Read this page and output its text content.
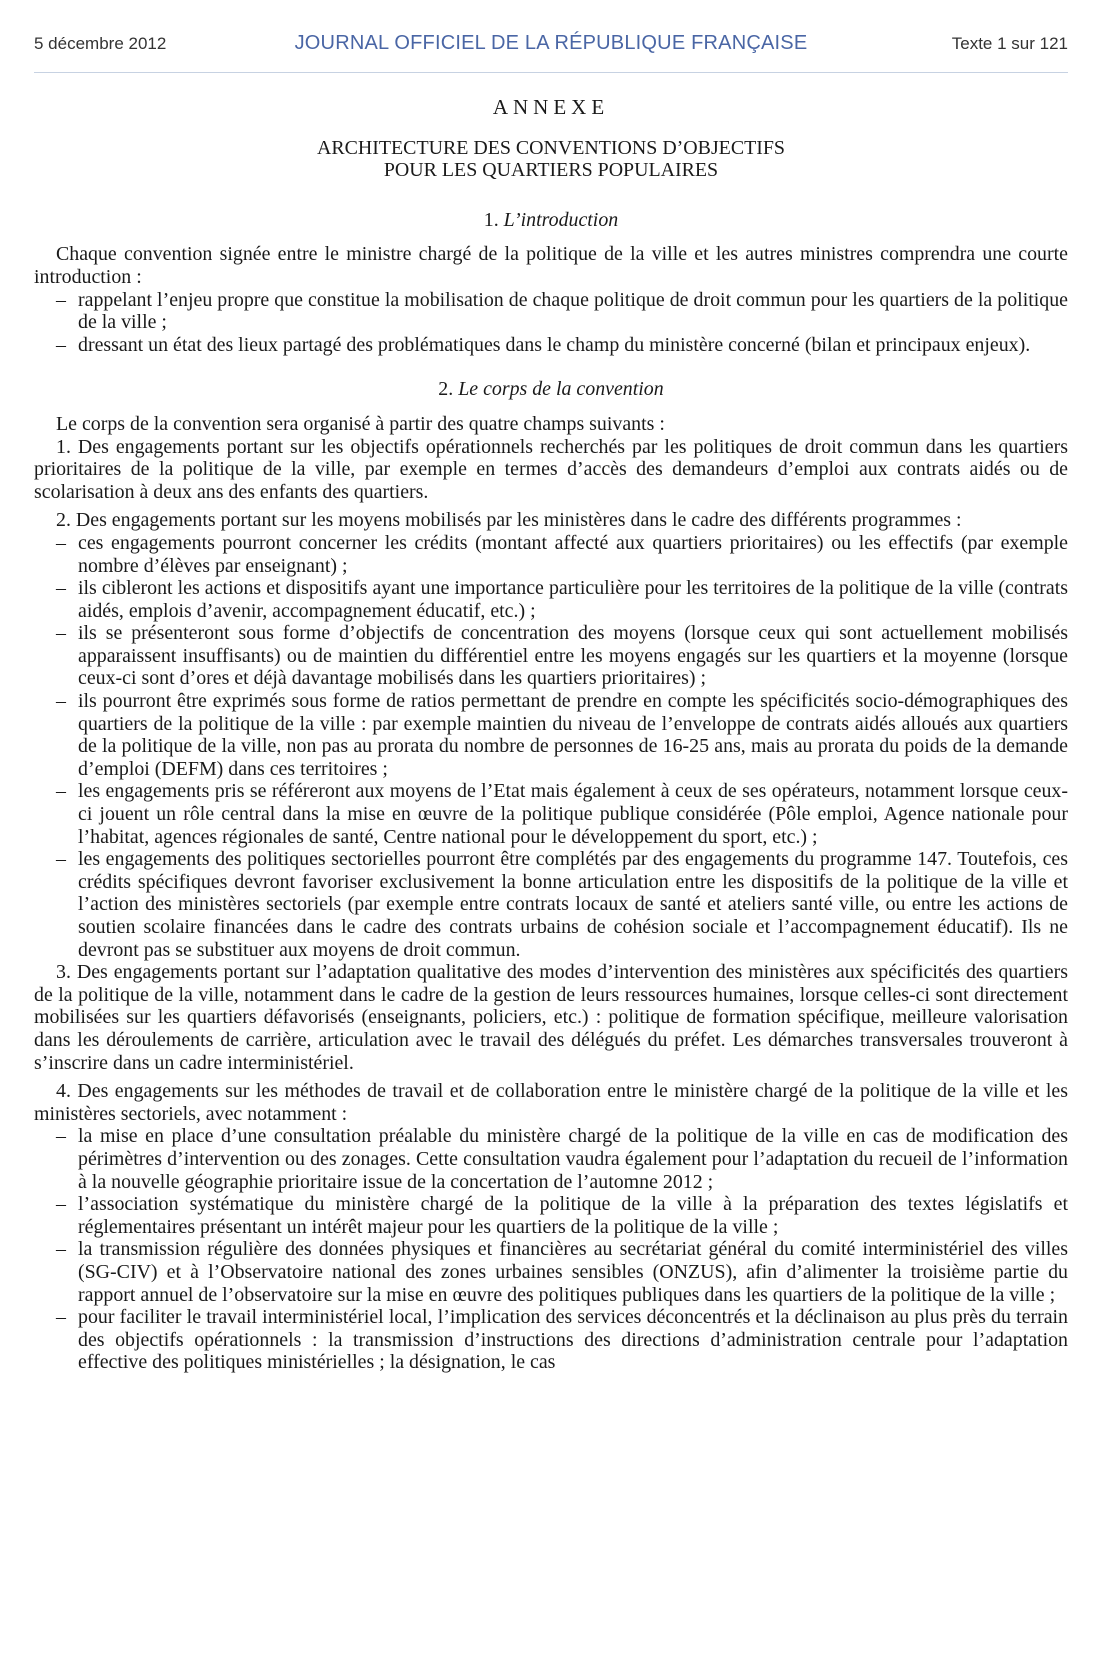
5 décembre 2012	JOURNAL OFFICIEL DE LA RÉPUBLIQUE FRANÇAISE	Texte 1 sur 121
ANNEXE
ARCHITECTURE DES CONVENTIONS D’OBJECTIFS
POUR LES QUARTIERS POPULAIRES
1. L’introduction

Chaque convention signée entre le ministre chargé de la politique de la ville et les autres ministres comprendra une courte introduction :

– rappelant l’enjeu propre que constitue la mobilisation de chaque politique de droit commun pour les quartiers de la politique de la ville ;
– dressant un état des lieux partagé des problématiques dans le champ du ministère concerné (bilan et principaux enjeux).
2. Le corps de la convention

Le corps de la convention sera organisé à partir des quatre champs suivants :

1. Des engagements portant sur les objectifs opérationnels recherchés par les politiques de droit commun dans les quartiers prioritaires de la politique de la ville, par exemple en termes d’accès des demandeurs d’emploi aux contrats aidés ou de scolarisation à deux ans des enfants des quartiers.

2. Des engagements portant sur les moyens mobilisés par les ministères dans le cadre des différents programmes :

– ces engagements pourront concerner les crédits (montant affecté aux quartiers prioritaires) ou les effectifs (par exemple nombre d’élèves par enseignant) ;
– ils cibleront les actions et dispositifs ayant une importance particulière pour les territoires de la politique de la ville (contrats aidés, emplois d’avenir, accompagnement éducatif, etc.) ;
– ils se présenteront sous forme d’objectifs de concentration des moyens (lorsque ceux qui sont actuellement mobilisés apparaissent insuffisants) ou de maintien du différentiel entre les moyens engagés sur les quartiers et la moyenne (lorsque ceux-ci sont d’ores et déjà davantage mobilisés dans les quartiers prioritaires) ;
– ils pourront être exprimés sous forme de ratios permettant de prendre en compte les spécificités socio-démographiques des quartiers de la politique de la ville : par exemple maintien du niveau de l’enveloppe de contrats aidés alloués aux quartiers de la politique de la ville, non pas au prorata du nombre de personnes de 16-25 ans, mais au prorata du poids de la demande d’emploi (DEFM) dans ces territoires ;
– les engagements pris se référeront aux moyens de l’Etat mais également à ceux de ses opérateurs, notamment lorsque ceux-ci jouent un rôle central dans la mise en œuvre de la politique publique considérée (Pôle emploi, Agence nationale pour l’habitat, agences régionales de santé, Centre national pour le développement du sport, etc.) ;
– les engagements des politiques sectorielles pourront être complétés par des engagements du programme 147. Toutefois, ces crédits spécifiques devront favoriser exclusivement la bonne articulation entre les dispositifs de la politique de la ville et l’action des ministères sectoriels (par exemple entre contrats locaux de santé et ateliers santé ville, ou entre les actions de soutien scolaire financées dans le cadre des contrats urbains de cohésion sociale et l’accompagnement éducatif). Ils ne devront pas se substituer aux moyens de droit commun.

3. Des engagements portant sur l’adaptation qualitative des modes d’intervention des ministères aux spécificités des quartiers de la politique de la ville, notamment dans le cadre de la gestion de leurs ressources humaines, lorsque celles-ci sont directement mobilisées sur les quartiers défavorisés (enseignants, policiers, etc.) : politique de formation spécifique, meilleure valorisation dans les déroulements de carrière, articulation avec le travail des délégués du préfet. Les démarches transversales trouveront à s’inscrire dans un cadre interministériel.

4. Des engagements sur les méthodes de travail et de collaboration entre le ministère chargé de la politique de la ville et les ministères sectoriels, avec notamment :

– la mise en place d’une consultation préalable du ministère chargé de la politique de la ville en cas de modification des périmètres d’intervention ou des zonages. Cette consultation vaudra également pour l’adaptation du recueil de l’information à la nouvelle géographie prioritaire issue de la concertation de l’automne 2012 ;
– l’association systématique du ministère chargé de la politique de la ville à la préparation des textes législatifs et réglementaires présentant un intérêt majeur pour les quartiers de la politique de la ville ;
– la transmission régulière des données physiques et financières au secrétariat général du comité interministériel des villes (SG-CIV) et à l’Observatoire national des zones urbaines sensibles (ONZUS), afin d’alimenter la troisième partie du rapport annuel de l’observatoire sur la mise en œuvre des politiques publiques dans les quartiers de la politique de la ville ;
– pour faciliter le travail interministériel local, l’implication des services déconcentrés et la déclinaison au plus près du terrain des objectifs opérationnels : la transmission d’instructions des directions d’administration centrale pour l’adaptation effective des politiques ministérielles ; la désignation, le cas
